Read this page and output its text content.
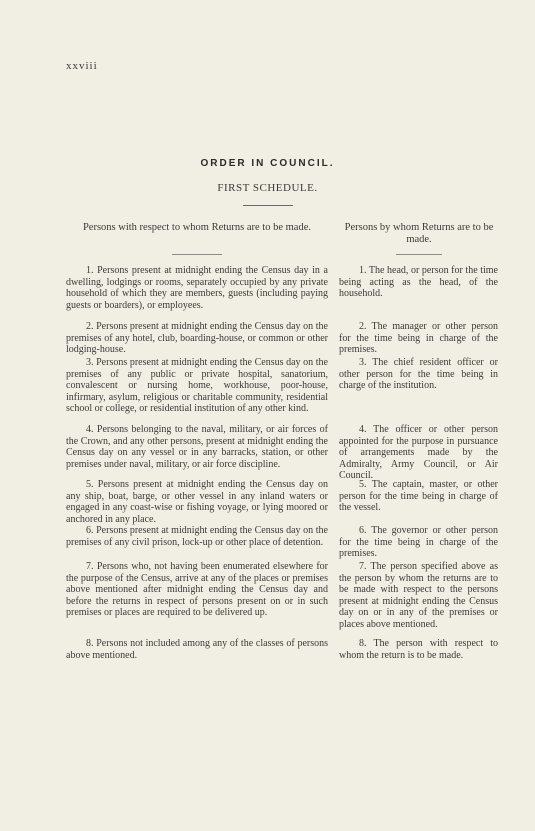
xxviii
ORDER IN COUNCIL.
FIRST SCHEDULE.
Persons with respect to whom Returns are to be made.	Persons by whom Returns are to be made.
1. Persons present at midnight ending the Census day in a dwelling, lodgings or rooms, separately occupied by any private household of which they are members, guests (including paying guests or boarders), or employees.
1. The head, or person for the time being acting as the head, of the household.
2. Persons present at midnight ending the Census day on the premises of any hotel, club, boarding-house, or common or other lodging-house.
2. The manager or other person for the time being in charge of the premises.
3. Persons present at midnight ending the Census day on the premises of any public or private hospital, sanatorium, convalescent or nursing home, workhouse, poor-house, infirmary, asylum, religious or charitable community, residential school or college, or residential institution of any other kind.
3. The chief resident officer or other person for the time being in charge of the institution.
4. Persons belonging to the naval, military, or air forces of the Crown, and any other persons, present at midnight ending the Census day on any vessel or in any barracks, station, or other premises under naval, military, or air force discipline.
4. The officer or other person appointed for the purpose in pursuance of arrangements made by the Admiralty, Army Council, or Air Council.
5. Persons present at midnight ending the Census day on any ship, boat, barge, or other vessel in any inland waters or engaged in any coast-wise or fishing voyage, or lying moored or anchored in any place.
5. The captain, master, or other person for the time being in charge of the vessel.
6. Persons present at midnight ending the Census day on the premises of any civil prison, lock-up or other place of detention.
6. The governor or other person for the time being in charge of the premises.
7. Persons who, not having been enumerated elsewhere for the purpose of the Census, arrive at any of the places or premises above mentioned after midnight ending the Census day and before the returns in respect of persons present on or in such premises or places are required to be delivered up.
7. The person specified above as the person by whom the returns are to be made with respect to the persons present at midnight ending the Census day on or in any of the premises or places above mentioned.
8. Persons not included among any of the classes of persons above mentioned.
8. The person with respect to whom the return is to be made.
